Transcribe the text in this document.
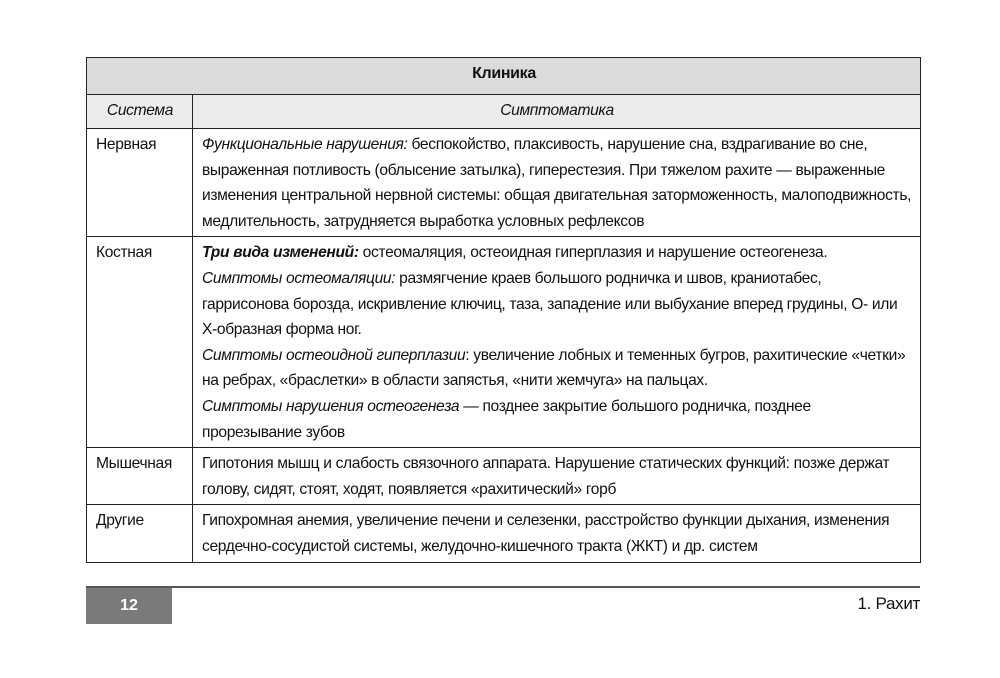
Клиника	
Система	Симптоматика
Нервная	Функциональные нарушения: беспокойство, плаксивость, нарушение сна, вздрагивание во сне, выраженная потливость (облысение затылка), гиперестезия. При тяжелом рахите — выраженные изменения центральной нервной системы: общая двигательная заторможенность, малоподвижность, медлительность, затрудняется выработка условных рефлексов
Костная	Три вида изменений: остеомаляция, остеоидная гиперплазия и нарушение остеогенеза.
Симптомы остеомаляции: размягчение краев большого родничка и швов, краниотабес, гаррисонова борозда, искривление ключиц, таза, западение или выбухание вперед грудины, О- или Х-образная форма ног.
Симптомы остеоидной гиперплазии: увеличение лобных и теменных бугров, рахитические «четки» на ребрах, «браслетки» в области запястья, «нити жемчуга» на пальцах.
Симптомы нарушения остеогенеза — позднее закрытие большого родничка, позднее прорезывание зубов

Мышечная	Гипотония мышц и слабость связочного аппарата. Нарушение статических функций: позже держат голову, сидят, стоят, ходят, появляется «рахитический» горб
Другие	Гипохромная анемия, увеличение печени и селезенки, расстройство функции дыхания, изменения сердечно-сосудистой системы, желудочно-кишечного тракта (ЖКТ) и др. систем
12	1. Рахит
